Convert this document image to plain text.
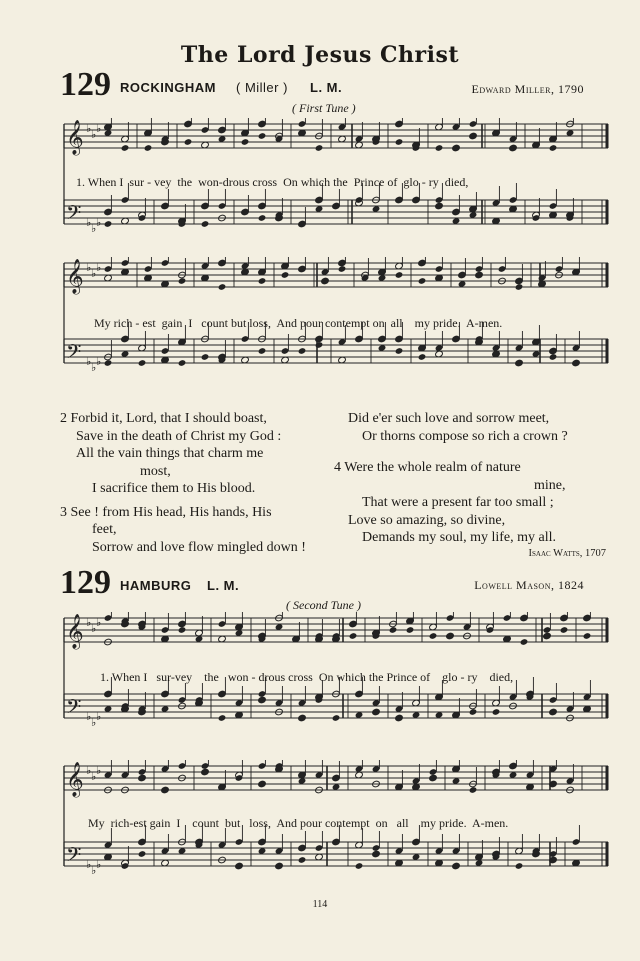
The Lord Jesus Christ
129 ROCKINGHAM ( Miller ) L. M.	Edward Miller, 1790
( First Tune )
𝄞 ♭ ♭ ♭
𝄢 ♭ ♭ ♭
1. When I  sur - vey  the  won-drous cross  On which the  Prince of  glo - ry  died,
𝄞 ♭ ♭ ♭
𝄢 ♭ ♭ ♭
My rich - est  gain  I   count but loss,  And pour contempt on  all    my pride.  A-men.
2 Forbid it, Lord, that I should boast,
Save in the death of Christ my God :
All the vain things that charm me
most,
I sacrifice them to His blood.
3 See ! from His head, His hands, His
feet,
Sorrow and love flow mingled down !
Did e'er such love and sorrow meet,
Or thorns compose so rich a crown ?
4 Were the whole realm of nature
mine,
That were a present far too small ;
Love so amazing, so divine,
Demands my soul, my life, my all.
Isaac Watts, 1707
129 HAMBURG L. M.	Lowell Mason, 1824
( Second Tune )
𝄞 ♭ ♭ ♭
𝄢 ♭ ♭ ♭
1. When I   sur-vey    the   won - drous cross  On which the Prince of    glo - ry    died,
𝄞 ♭ ♭ ♭
𝄢 ♭ ♭ ♭
My  rich-est gain  I    count  but   loss,  And pour contempt  on   all    my pride.  A-men.
114
